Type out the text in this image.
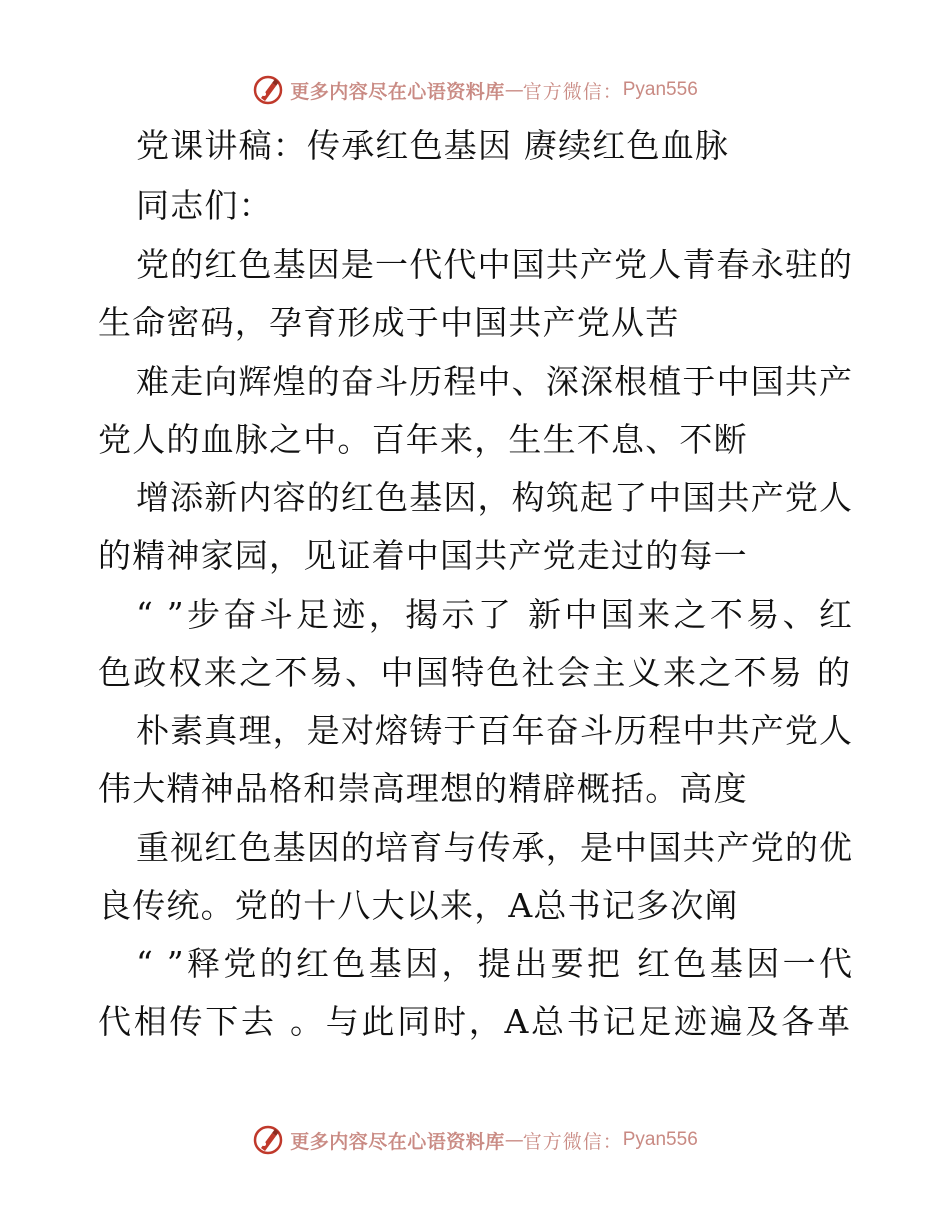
更多内容尽在心语资料库 — 官方微信： Pyan556
党课讲稿：传承红色基因 赓续红色血脉
同志们：
党的红色基因是一代代中国共产党人青春永驻的
生命密码，孕育形成于中国共产党从苦
难走向辉煌的奋斗历程中、深深根植于中国共产
党人的血脉之中。百年来，生生不息、不断
增添新内容的红色基因，构筑起了中国共产党人
的精神家园，见证着中国共产党走过的每一
“ ”步奋斗足迹，揭示了 新中国来之不易、红
色政权来之不易、中国特色社会主义来之不易 的
朴素真理，是对熔铸于百年奋斗历程中共产党人
伟大精神品格和崇高理想的精辟概括。高度
重视红色基因的培育与传承，是中国共产党的优
良传统。党的十八大以来，A总书记多次阐
“ ”释党的红色基因，提出要把 红色基因一代
代相传下去 。与此同时，A总书记足迹遍及各革
更多内容尽在心语资料库 — 官方微信： Pyan556
